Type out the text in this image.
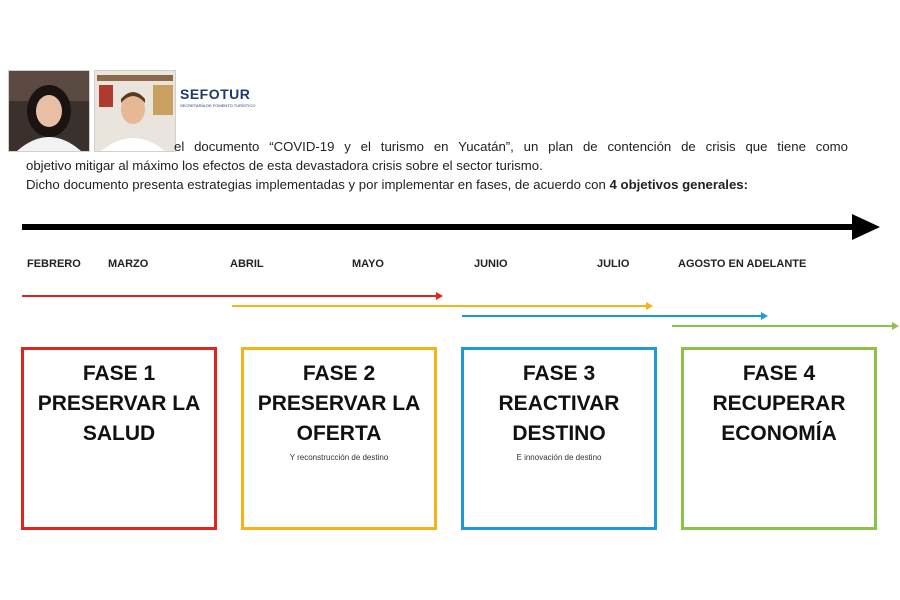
SEFOTUR
SECRETARÍA DE FOMENTO TURÍSTICO

el documento “COVID-19 y el turismo en Yucatán”, un plan de contención de crisis que tiene como

objetivo mitigar al máximo los efectos de esta devastadora crisis sobre el sector turismo.

Dicho documento presenta estrategias implementadas y por implementar en fases, de acuerdo con 4 objetivos generales:

FEBRERO MARZO	ABRIL	MAYO	JUNIO	JULIO	AGOSTO EN ADELANTE
FASE 1
PRESERVAR LA
SALUD
FASE 2
PRESERVAR LA
OFERTA
Y reconstrucción de destino
FASE 3
REACTIVAR
DESTINO
E innovación de destino
FASE 4
RECUPERAR
ECONOMÍA
